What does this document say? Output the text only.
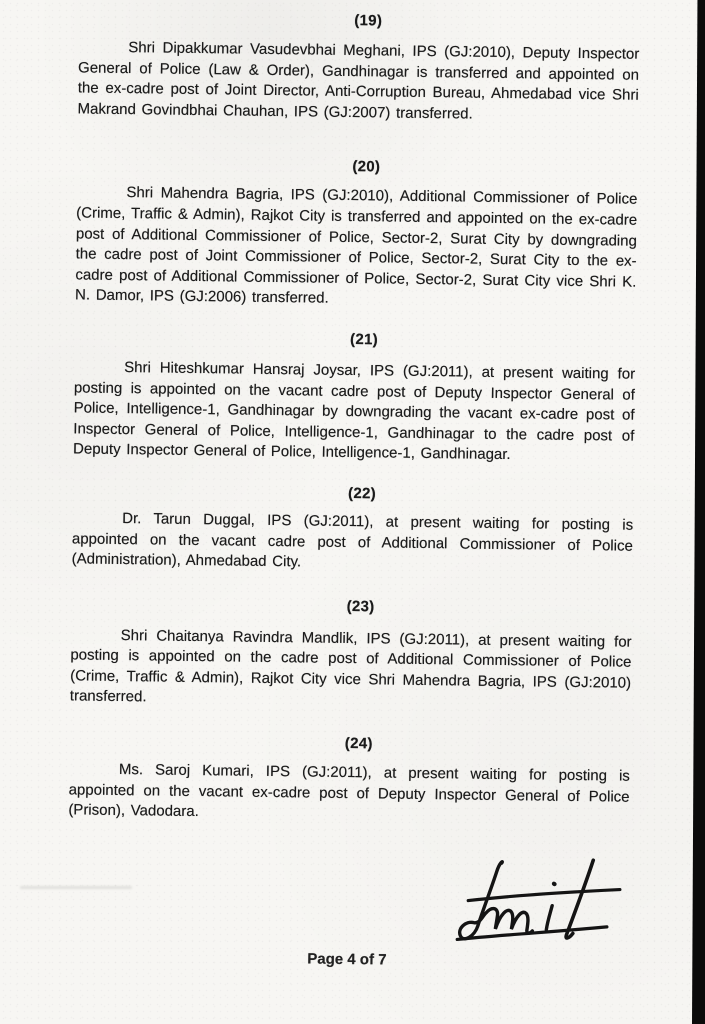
(19)
Shri Dipakkumar Vasudevbhai Meghani, IPS (GJ:2010), Deputy Inspector General of Police (Law & Order), Gandhinagar is transferred and appointed on the ex-cadre post of Joint Director, Anti-Corruption Bureau, Ahmedabad vice Shri Makrand Govindbhai Chauhan, IPS (GJ:2007) transferred.
(20)
Shri Mahendra Bagria, IPS (GJ:2010), Additional Commissioner of Police (Crime, Traffic & Admin), Rajkot City is transferred and appointed on the ex-cadre post of Additional Commissioner of Police, Sector-2, Surat City by downgrading the cadre post of Joint Commissioner of Police, Sector-2, Surat City to the ex-cadre post of Additional Commissioner of Police, Sector-2, Surat City vice Shri K. N. Damor, IPS (GJ:2006) transferred.
(21)
Shri Hiteshkumar Hansraj Joysar, IPS (GJ:2011), at present waiting for posting is appointed on the vacant cadre post of Deputy Inspector General of Police, Intelligence-1, Gandhinagar by downgrading the vacant ex-cadre post of Inspector General of Police, Intelligence-1, Gandhinagar to the cadre post of Deputy Inspector General of Police, Intelligence-1, Gandhinagar.
(22)
Dr. Tarun Duggal, IPS (GJ:2011), at present waiting for posting is appointed on the vacant cadre post of Additional Commissioner of Police (Administration), Ahmedabad City.
(23)
Shri Chaitanya Ravindra Mandlik, IPS (GJ:2011), at present waiting for posting is appointed on the cadre post of Additional Commissioner of Police (Crime, Traffic & Admin), Rajkot City vice Shri Mahendra Bagria, IPS (GJ:2010) transferred.
(24)
Ms. Saroj Kumari, IPS (GJ:2011), at present waiting for posting is appointed on the vacant ex-cadre post of Deputy Inspector General of Police (Prison), Vadodara.
Page 4 of 7
